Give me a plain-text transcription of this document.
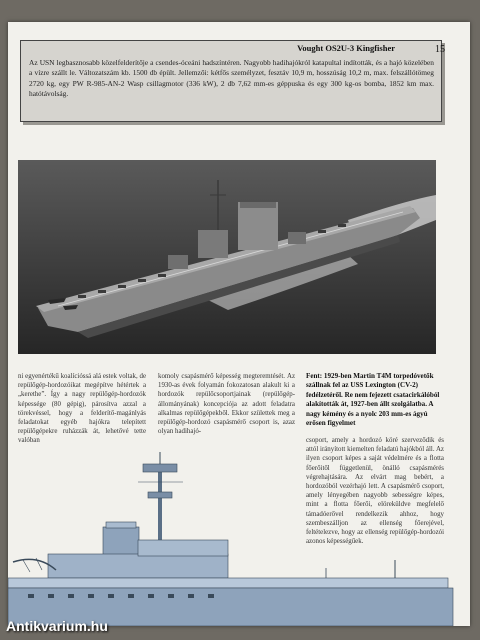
Vought OS2U-3 Kingfisher	15
Az USN legbasznosabb közelfelderítője a csendes-óceáni hadszíntéren. Nagyobb hadihajókról katapultal indították, és a hajó közelében a vízre szállt le. Változatszám kb. 1500 db épült. Jellemzői: kétfős személyzet, fesztáv 10,9 m, hosszúság 10,2 m, max. felszállótömeg 2720 kg, egy PW R-985-AN-2 Wasp csillagmotor (336 kW), 2 db 7,62 mm-es géppuska és egy 300 kg-os bomba, 1852 km max. hatótávolság.
ni egyenértékű koalícióssá alá estek voltak, de repülőgép-hordozóikat megépítve hétértek a „kerethe”. Így a nagy repülőgép-hordozók képessége (80 gépig), párosítva azzal a törekvéssel, hogy a felderítő-magánlyás feladatokat egyéb hajókra telepített repülőgépekre ruházzák át, lehetővé tette valóban
komoly csapásmérő képesség megteremtését. Az 1930-as évek folyamán fokozatosan alakult ki a hordozók repülőcsoportjainak (repülőgép-állományának) koncepciója az adott feladatra alkalmas repülőgépekből. Ekkor születtek meg a repülőgép-hordozó csapásmérő csoport is, azaz olyan hadihajó-
Fent: 1929-ben Martin T4M torpedóvetők szállnak fel az USS Lexington (CV-2) fedélzetéről. Re nem fejezett csatacirkálóból alakították át, 1927-ben állt szolgálatba. A nagy kémény és a nyolc 203 mm-es ágyú erősen figyelmet
csoport, amely a hordozó köré szerveződik és attól irányított kiemelten feladatú hajókból áll. Az ilyen csoport képes a saját védelmére és a flotta főerőitől függetlenül, önálló csapásmérés végrehajtására. Az elvárt mag bebért, a hordozóból vezérhajó lett. A csapásmérő csoport, amely lényegében nagyobb sebességre képes, mint a flotta főerői, elöreküldve megfelelő támadóerővel rendelkezik ahhoz, hogy szembeszálljon az ellenség főerejével, feltételezve, hogy az ellenség repülőgép-hordozói azonos képességűek.
Antikvarium.hu
